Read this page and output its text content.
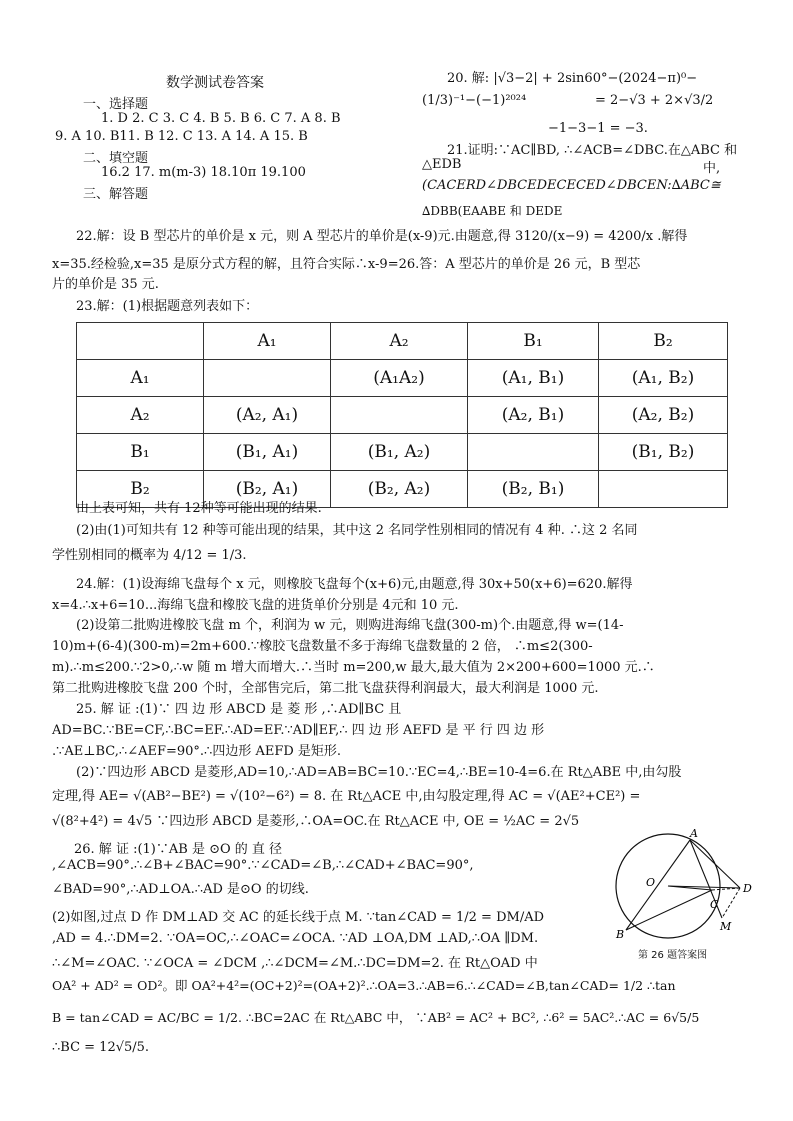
数学测试卷答案
一、选择题
1. D 2. C 3. C 4. B 5. B 6. C 7. A 8. B
9. A 10. B11. B 12. C 13. A 14. A 15. B
二、填空题
16.2 17. m(m-3) 18.10π 19.100
三、解答题
20. 解: |√3−2| + 2sin60°−(2024−π)⁰−
(1/3)⁻¹−(−1)²⁰²⁴	= 2−√3 + 2×√3/2
−1−3−1 = −3.
21.证明:∵AC∥BD, ∴∠ACB=∠DBC.在△ABC 和
△EDB	中,
(CACERD∠DBCEDECECED∠DBCEN:∆ABC≅
∆DBB(EAABE 和 DEDE
22.解：设 B 型芯片的单价是 x 元，则 A 型芯片的单价是(x-9)元.由题意,得 3120/(x−9) = 4200/x .解得
x=35.经检验,x=35 是原分式方程的解，且符合实际∴x-9=26.答：A 型芯片的单价是 26 元，B 型芯
片的单价是 35 元.
23.解：(1)根据题意列表如下：
	A₁	A₂	B₁	B₂
A₁		(A₁A₂)	(A₁, B₁)	(A₁, B₂)
A₂	(A₂, A₁)		(A₂, B₁)	(A₂, B₂)
B₁	(B₁, A₁)	(B₁, A₂)		(B₁, B₂)
B₂	(B₂, A₁)	(B₂, A₂)	(B₂, B₁)	
由上表可知，共有 12种等可能出现的结果.
(2)由(1)可知共有 12 种等可能出现的结果，其中这 2 名同学性别相同的情况有 4 种. ∴这 2 名同
学性别相同的概率为 4/12 = 1/3.
24.解：(1)设海绵飞盘每个 x 元，则橡胶飞盘每个(x+6)元,由题意,得 30x+50(x+6)=620.解得
x=4.∴x+6=10...海绵飞盘和橡胶飞盘的进货单价分别是 4元和 10 元.
(2)设第二批购进橡胶飞盘 m 个，利润为 w 元，则购进海绵飞盘(300-m)个.由题意,得 w=(14-
10)m+(6-4)(300-m)=2m+600.∵橡胶飞盘数量不多于海绵飞盘数量的 2 倍， ∴m≤2(300-
m).∴m≤200.∵2>0,∴w 随 m 增大而增大.∴当时 m=200,w 最大,最大值为 2×200+600=1000 元.∴
第二批购进橡胶飞盘 200 个时，全部售完后，第二批飞盘获得利润最大，最大利润是 1000 元.
25. 解 证 :(1)∵ 四 边 形 ABCD 是 菱 形 ,∴AD∥BC 且
AD=BC.∵BE=CF,∴BC=EF.∴AD=EF.∵AD∥EF,∴ 四 边 形 AEFD 是 平 行 四 边 形
.∵AE⊥BC,∴∠AEF=90°.∴四边形 AEFD 是矩形.
(2)∵四边形 ABCD 是菱形,AD=10,∴AD=AB=BC=10.∵EC=4,∴BE=10-4=6.在 Rt△ABE 中,由勾股
定理,得 AE= √(AB²−BE²) = √(10²−6²) = 8. 在 Rt△ACE 中,由勾股定理,得 AC = √(AE²+CE²) =
√(8²+4²) = 4√5 ∵四边形 ABCD 是菱形,∴OA=OC.在 Rt△ACE 中, OE = ½AC = 2√5
26. 解 证 :(1)∵AB 是 ⊙O 的 直 径
,∠ACB=90°.∴∠B+∠BAC=90°.∵∠CAD=∠B,∴∠CAD+∠BAC=90°,
∠BAD=90°,∴AD⊥OA.∴AD 是⊙O 的切线.
(2)如图,过点 D 作 DM⊥AD 交 AC 的延长线于点 M. ∵tan∠CAD = 1/2 = DM/AD
,AD = 4.∴DM=2. ∵OA=OC,∴∠OAC=∠OCA. ∵AD ⊥OA,DM ⊥AD,∴OA ∥DM.
∴∠M=∠OAC. ∵∠OCA = ∠DCM ,∴∠DCM=∠M.∴DC=DM=2. 在 Rt△OAD 中
OA² + AD² = OD²。即 OA²+4²=(OC+2)²=(OA+2)².∴OA=3.∴AB=6.∴∠CAD=∠B,tan∠CAD= 1/2 ∴tan
B = tan∠CAD = AC/BC = 1/2. ∴BC=2AC 在 Rt△ABC 中， ∵AB² = AC² + BC², ∴6² = 5AC².∴AC = 6√5/5
∴BC = 12√5/5.
A
O	D
C
B
M
第 26 题答案图
